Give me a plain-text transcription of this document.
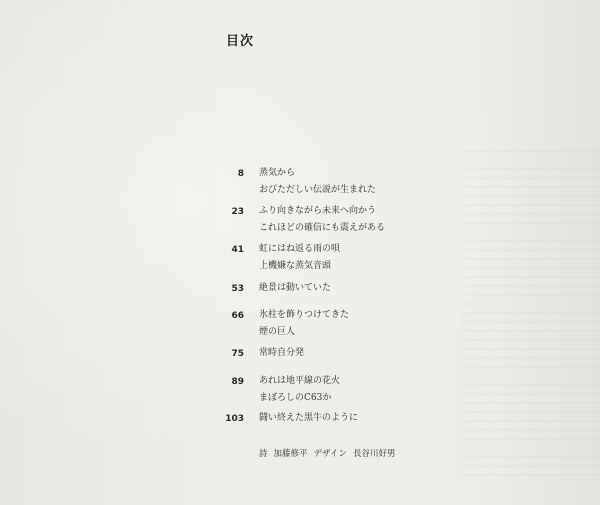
目次
8 蒸気から
おびただしい伝説が生まれた
23 ふり向きながら未来へ向かう
これほどの確信にも震えがある
41 虹にはね返る雨の唄
上機嫌な蒸気音頭
53 絶景は動いていた
66 氷柱を飾りつけてきた
煙の巨人
75 常時自分発
89 あれは地平線の花火
まぼろしのC63か
103 闘い終えた黒牛のように
詩 加藤修平 デザイン 長谷川好男
